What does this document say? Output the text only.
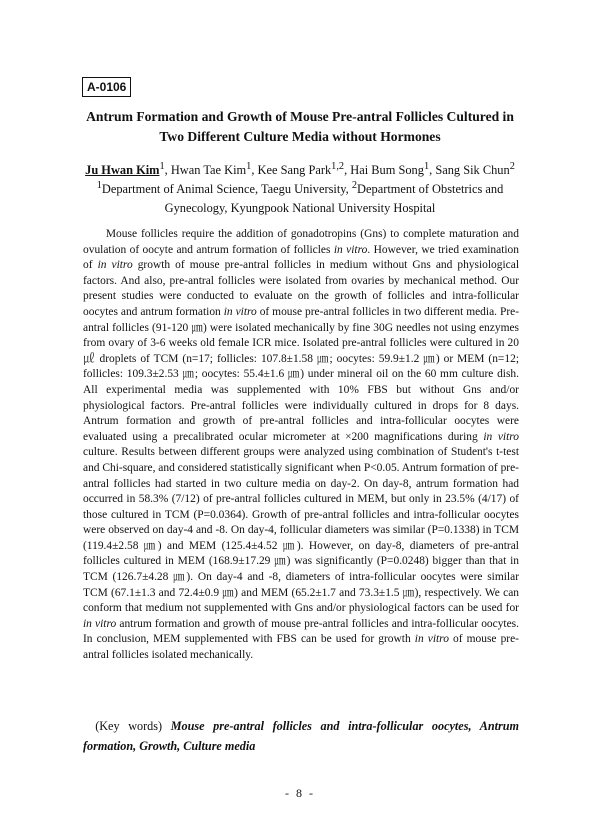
A-0106
Antrum Formation and Growth of Mouse Pre-antral Follicles Cultured in
Two Different Culture Media without Hormones
Ju Hwan Kim$^1$, Hwan Tae Kim$^1$, Kee Sang Park$^{1,2}$, Hai Bum Song$^1$, Sang Sik Chun$^2$
$^1$Department of Animal Science, Taegu University, $^2$Department of Obstetrics and
Gynecology, Kyungpook National University Hospital

Mouse follicles require the addition of gonadotropins (Gns) to complete maturation and ovulation of oocyte and antrum formation of follicles in vitro. However, we tried examination of in vitro growth of mouse pre-antral follicles in medium without Gns and physiological factors. And also, pre-antral follicles were isolated from ovaries by mechanical method. Our present studies were conducted to evaluate on the growth of follicles and intra-follicular oocytes and antrum formation in vitro of mouse pre-antral follicles in two different media. Pre-antral follicles (91-120 ㎛) were isolated mechanically by fine 30G needles not using enzymes from ovary of 3-6 weeks old female ICR mice. Isolated pre-antral follicles were cultured in 20 ㎕ droplets of TCM (n=17; follicles: 107.8±1.58 ㎛; oocytes: 59.9±1.2 ㎛) or MEM (n=12; follicles: 109.3±2.53 ㎛; oocytes: 55.4±1.6 ㎛) under mineral oil on the 60 mm culture dish. All experimental media was supplemented with 10% FBS but without Gns and/or physiological factors. Pre-antral follicles were individually cultured in drops for 8 days. Antrum formation and growth of pre-antral follicles and intra-follicular oocytes were evaluated using a precalibrated ocular micrometer at ×200 magnifications during in vitro culture. Results between different groups were analyzed using combination of Student's t-test and Chi-square, and considered statistically significant when P<0.05. Antrum formation of pre-antral follicles had started in two culture media on day-2. On day-8, antrum formation had occurred in 58.3% (7/12) of pre-antral follicles cultured in MEM, but only in 23.5% (4/17) of those cultured in TCM (P=0.0364). Growth of pre-antral follicles and intra-follicular oocytes were observed on day-4 and -8. On day-4, follicular diameters was similar (P=0.1338) in TCM (119.4±2.58 ㎛) and MEM (125.4±4.52 ㎛). However, on day-8, diameters of pre-antral follicles cultured in MEM (168.9±17.29 ㎛) was significantly (P=0.0248) bigger than that in TCM (126.7±4.28 ㎛). On day-4 and -8, diameters of intra-follicular oocytes were similar TCM (67.1±1.3 and 72.4±0.9 ㎛) and MEM (65.2±1.7 and 73.3±1.5 ㎛), respectively. We can conform that medium not supplemented with Gns and/or physiological factors can be used for in vitro antrum formation and growth of mouse pre-antral follicles and intra-follicular oocytes. In conclusion, MEM supplemented with FBS can be used for growth in vitro of mouse pre-antral follicles isolated mechanically.

(Key words) Mouse pre-antral follicles and intra-follicular oocytes, Antrum formation, Growth, Culture media

- 8 -
